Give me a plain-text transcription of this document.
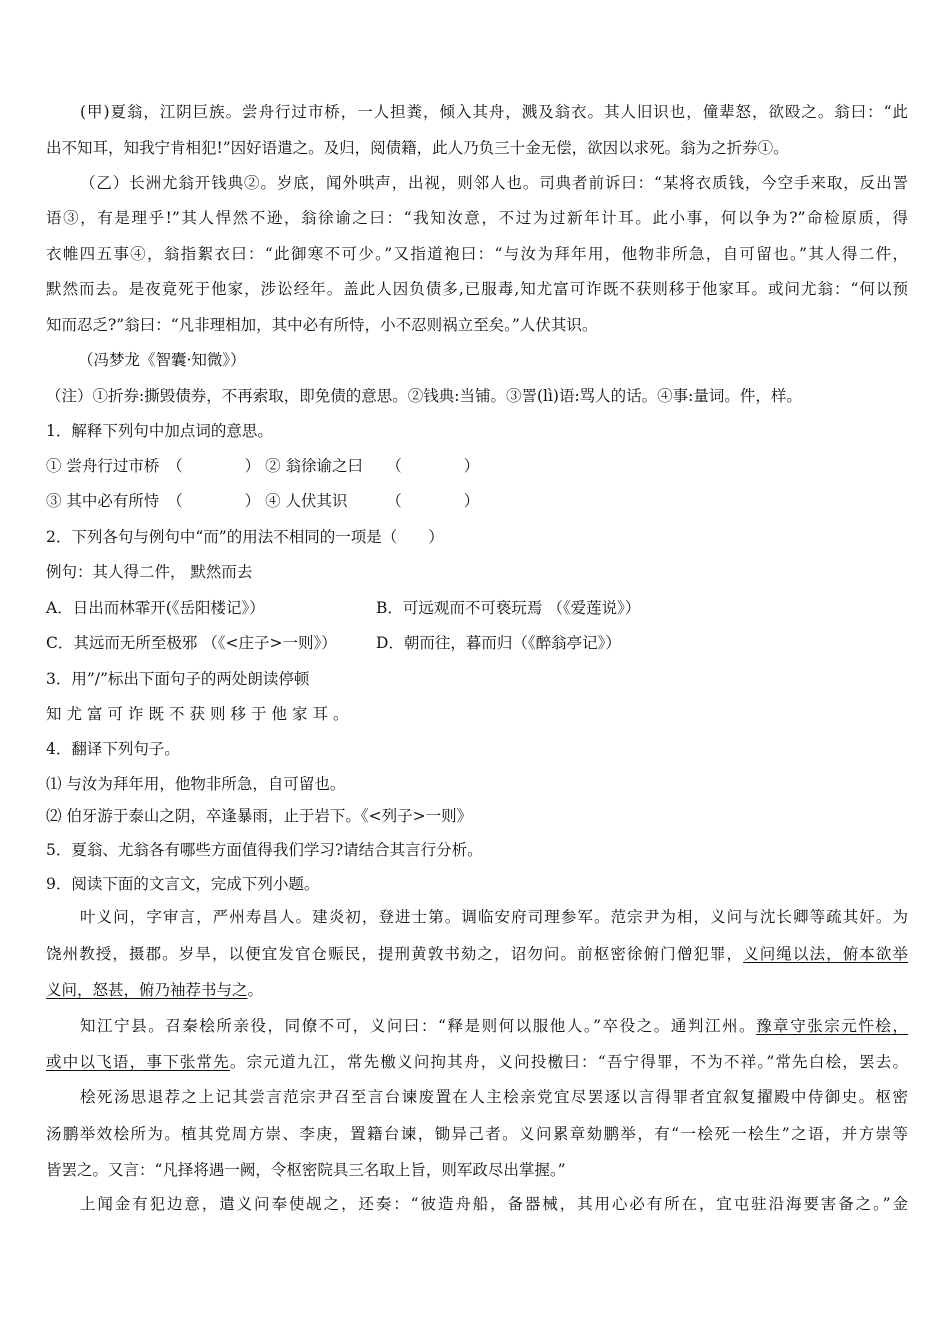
(甲)夏翁，江阴巨族。尝舟行过市桥，一人担粪，倾入其舟，溅及翁衣。其人旧识也，僮辈怒，欲殴之。翁曰：“此
出不知耳，知我宁肯相犯!”因好语遣之。及归，阅债籍，此人乃负三十金无偿，欲因以求死。翁为之折券①。
（乙）长洲尤翁开钱典②。岁底，闻外哄声，出视，则邻人也。司典者前诉曰：“某将衣质钱，今空手来取，反出詈
语③，有是理乎!”其人悍然不逊，翁徐谕之曰：“我知汝意，不过为过新年计耳。此小事，何以争为?”命检原质，得
衣帷四五事④，翁指絮衣曰：“此御寒不可少。”又指道袍曰：“与汝为拜年用，他物非所急，自可留也。”其人得二件，
默然而去。是夜竟死于他家，涉讼经年。盖此人因负债多,已服毒,知尤富可诈既不获则移于他家耳。或问尤翁：“何以预
知而忍乏?”翁曰：“凡非理相加，其中必有所恃，小不忍则祸立至矣。”人伏其识。
（冯梦龙《智囊·知微》）
（注）①折券:撕毁债券，不再索取，即免债的意思。②钱典:当铺。③詈(lì)语:骂人的话。④事:量词。件，样。
1．解释下列句中加点词的意思。
① 尝舟行过市桥　（　　　　） ② 翁徐谕之曰　　（　　　　）
③ 其中必有所恃　（　　　　） ④ 人伏其识　　　（　　　　）
2．下列各句与例句中“而”的用法不相同的一项是（　　）
例句：其人得二件， 默然而去
A．日出而林霏开(《岳阳楼记》）	B．可远观而不可亵玩焉 （《爱莲说》）
C．其远而无所至极邪 （《<庄子>一则》）	D．朝而往，暮而归（《醉翁亭记》）
3．用”/”标出下面句子的两处朗读停顿
知尤富可诈既不获则移于他家耳。
4．翻译下列句子。
⑴ 与汝为拜年用，他物非所急，自可留也。
⑵ 伯牙游于泰山之阴，卒逢暴雨，止于岩下。《<列子>一则》
5．夏翁、尤翁各有哪些方面值得我们学习?请结合其言行分析。
9．阅读下面的文言文，完成下列小题。
叶义问，字审言，严州寿昌人。建炎初，登进士第。调临安府司理参军。范宗尹为相，义问与沈长卿等疏其奸。为
饶州教授，摄郡。岁旱，以便宜发官仓赈民，提刑黄敦书劾之，诏勿问。前枢密徐俯门僧犯罪，义问绳以法，俯本欲举
义问，怒甚，俯乃袖荐书与之。
知江宁县。召秦桧所亲役，同僚不可，义问曰：“释是则何以服他人。”卒役之。通判江州。豫章守张宗元忤桧，
或中以飞语，事下张常先。宗元道九江，常先檄义问拘其舟，义问投檄曰：“吾宁得罪，不为不祥。”常先白桧，罢去。
桧死汤思退荐之上记其尝言范宗尹召至言台谏废置在人主桧亲党宜尽罢逐以言得罪者宜叙复擢殿中侍御史。枢密
汤鹏举效桧所为。植其党周方崇、李庚，置籍台谏，锄异己者。义问累章劾鹏举，有“一桧死一桧生”之语，并方崇等
皆罢之。又言：“凡择将遇一阙，令枢密院具三名取上旨，则军政尽出掌握。”
上闻金有犯边意，遣义问奉使觇之，还奏：“彼造舟船，备器械，其用心必有所在，宜屯驻沿海要害备之。”金
